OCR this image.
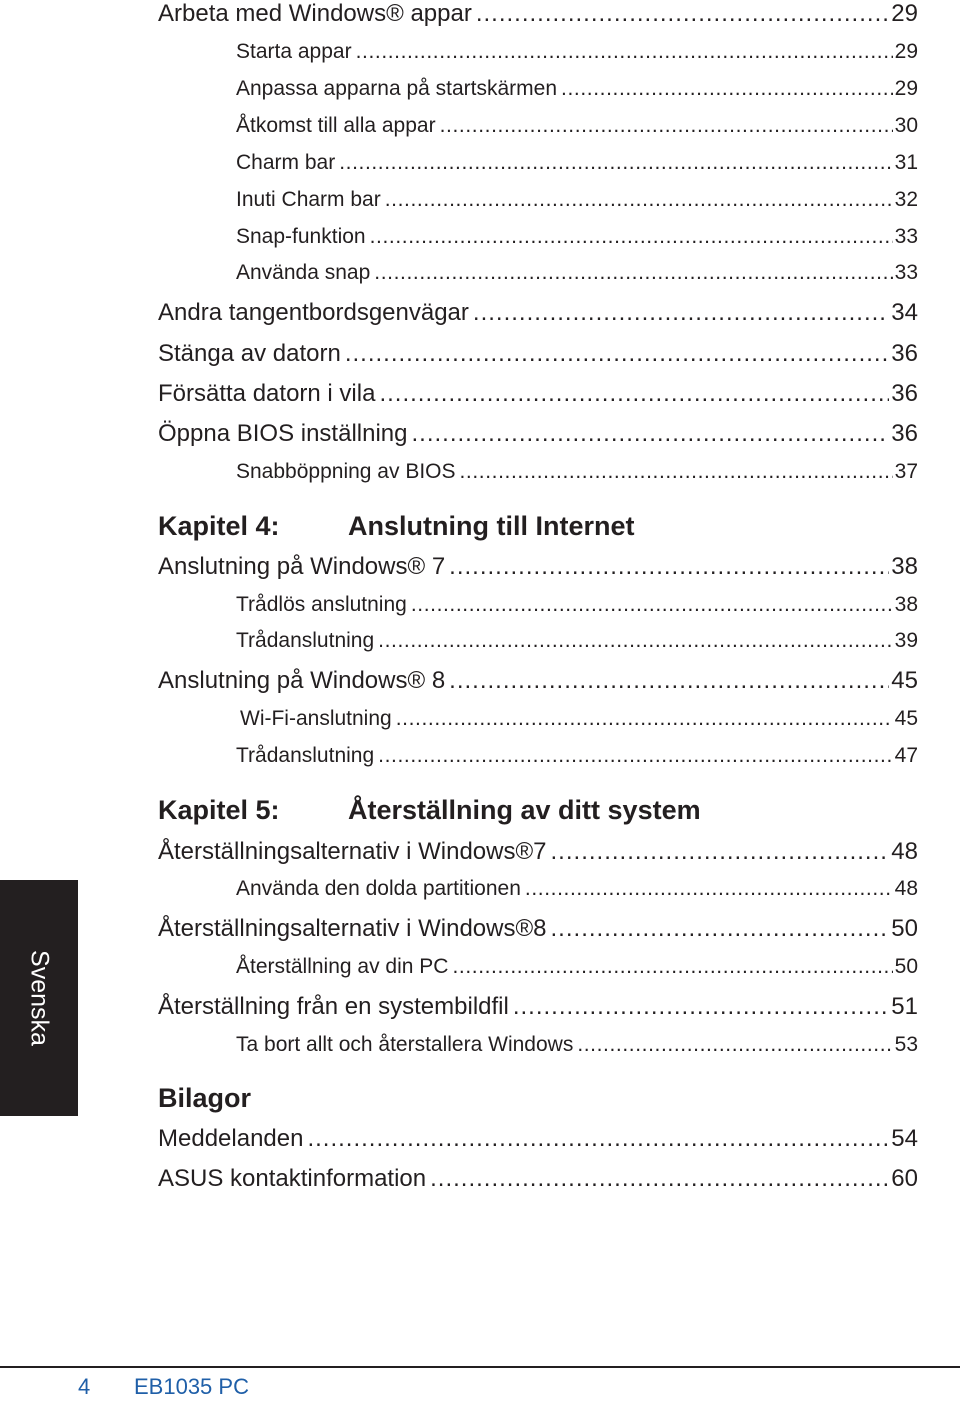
Arbeta med Windows® appar .....	29
Starta appar .....	29
Anpassa apparna på startskärmen .....	29
Åtkomst till alla appar .....	30
Charm bar .....	31
Inuti Charm bar .....	32
Snap-funktion .....	33
Använda snap .....	33
Andra tangentbordsgenvägar .....	34
Stänga av datorn .....	36
Försätta datorn i vila .....	36
Öppna BIOS inställning .....	36
Snabböppning av BIOS .....	37
Kapitel 4:	Anslutning till Internet
Anslutning på Windows® 7 .....	38
Trådlös anslutning .....	38
Trådanslutning .....	39
Anslutning på Windows® 8 .....	45
Wi-Fi-anslutning .....	45
Trådanslutning .....	47
Kapitel 5:	Återställning av ditt system
Återställningsalternativ i Windows®7 .....	48
Använda den dolda partitionen .....	48
Återställningsalternativ i Windows®8 .....	50
Återställning av din PC .....	50
Återställning från en systembildfil .....	51
Ta bort allt och återstallera Windows .....	53
Bilagor
Meddelanden .....	54
ASUS kontaktinformation .....	60
Svenska
4 EB1035 PC
